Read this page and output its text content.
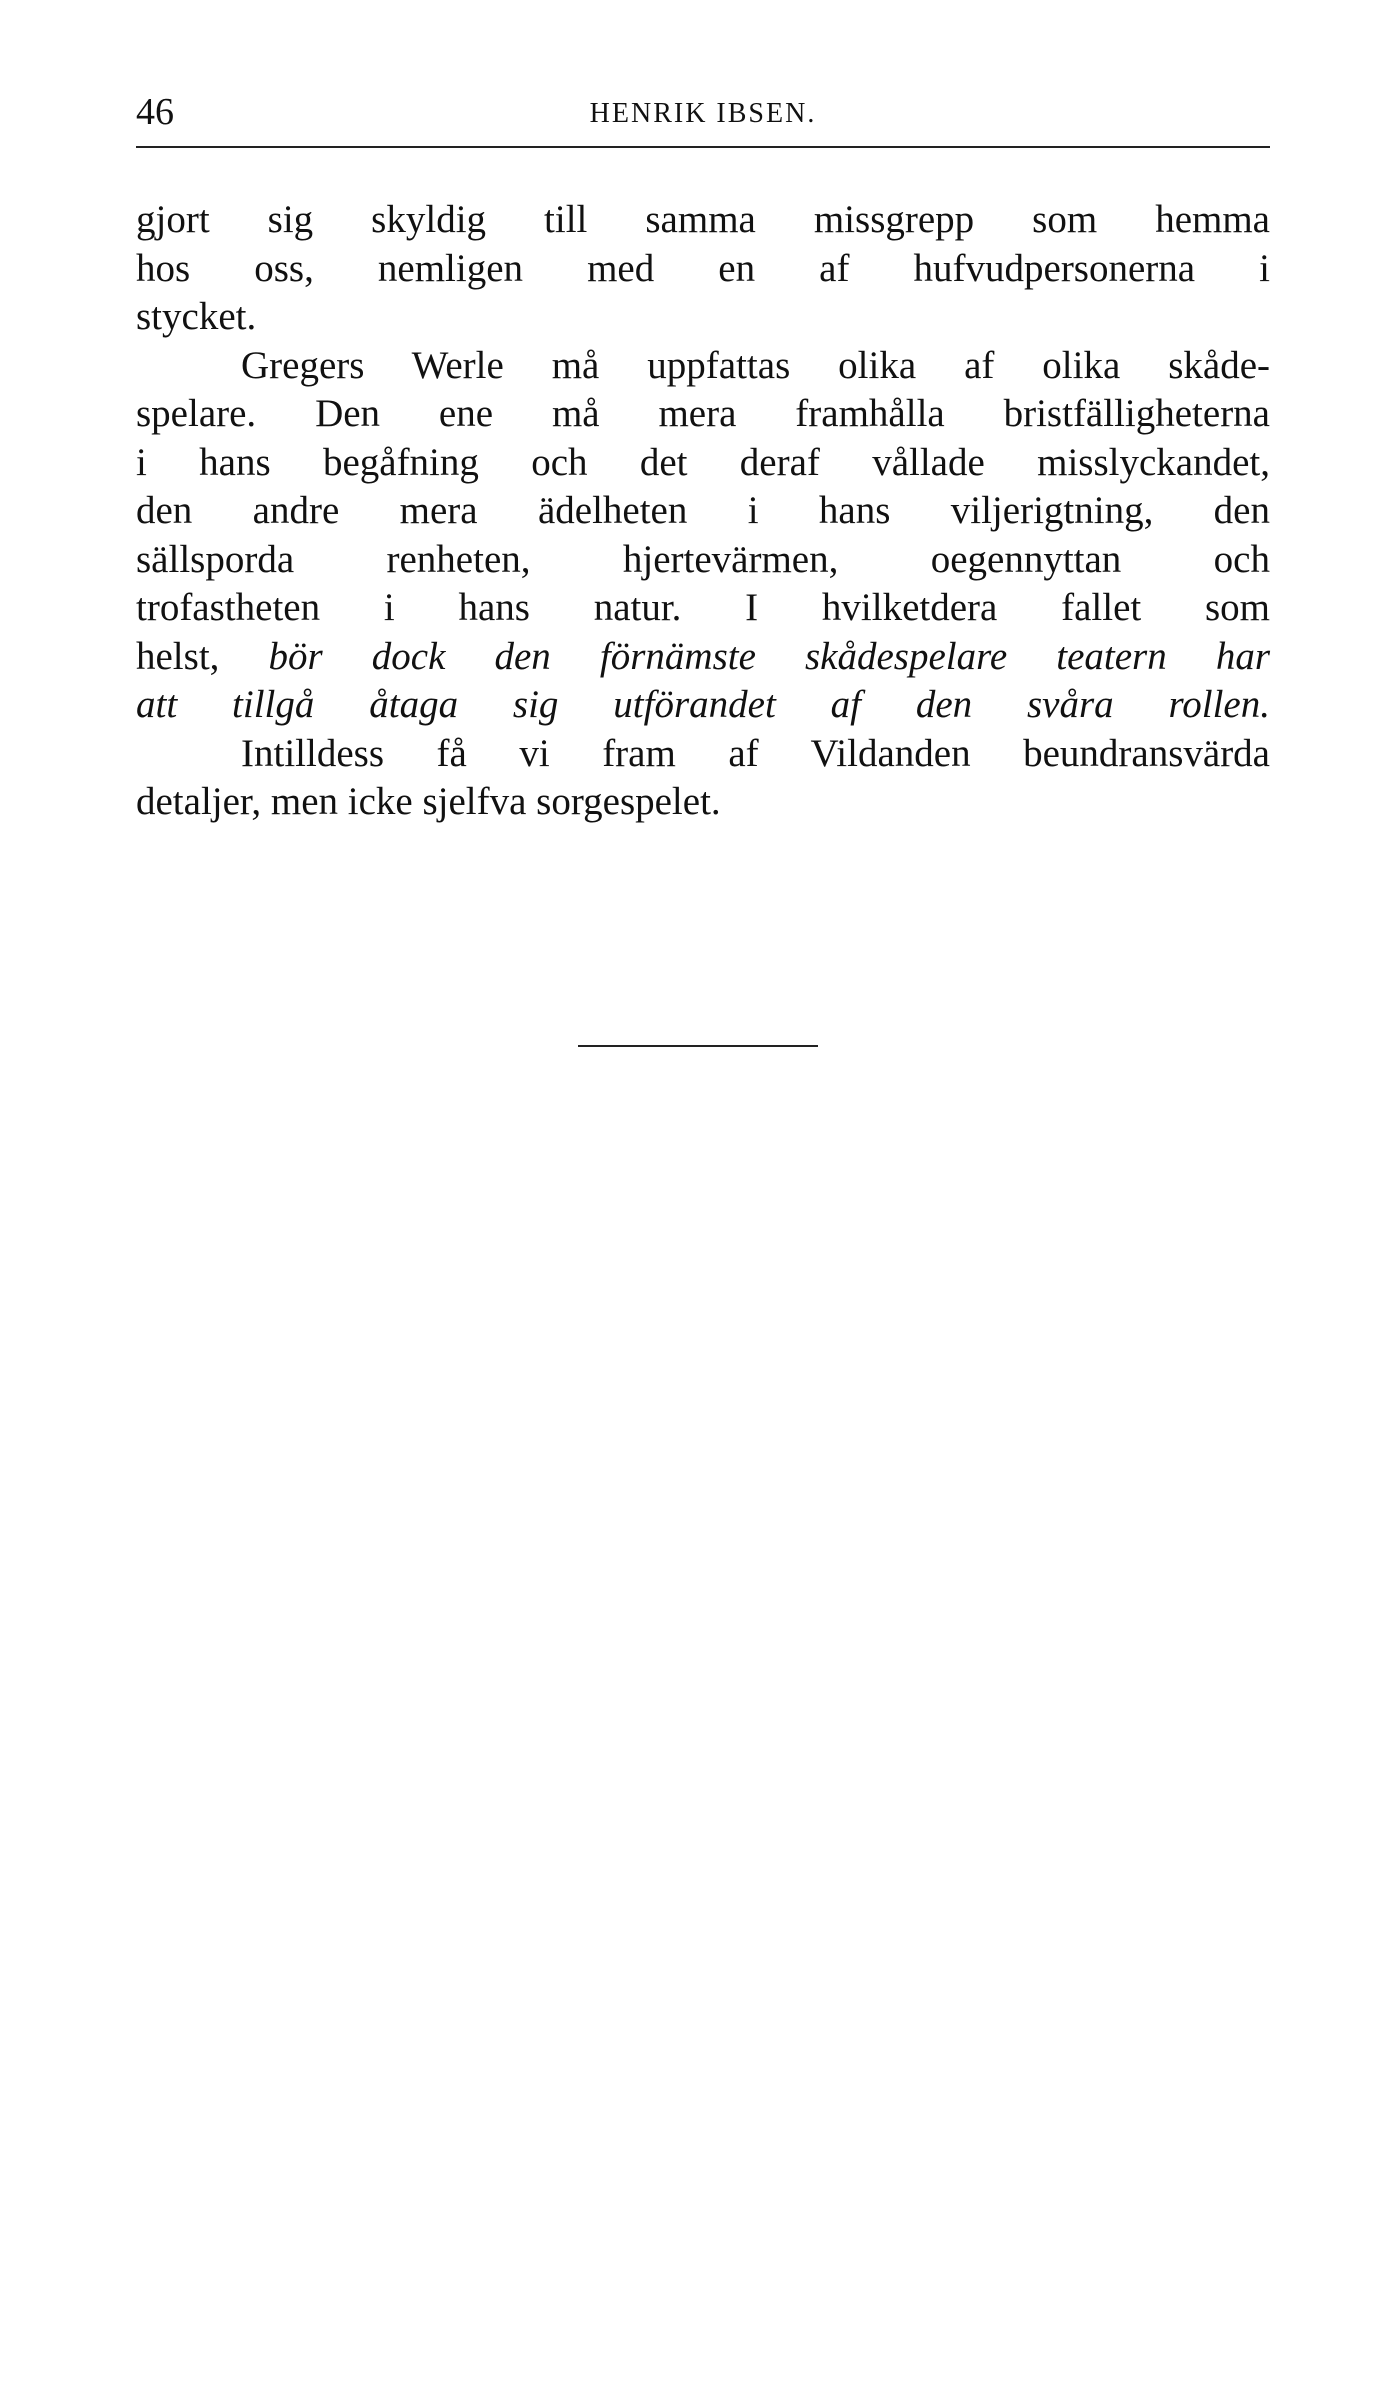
46	HENRIK IBSEN.
gjort sig skyldig till samma missgrepp som hemma
hos oss, nemligen med en af hufvudpersonerna i
stycket.
Gregers Werle må uppfattas olika af olika skåde-
spelare. Den ene må mera framhålla bristfälligheterna
i hans begåfning och det deraf vållade misslyckandet,
den andre mera ädelheten i hans viljerigtning, den
sällsporda renheten, hjertevärmen, oegennyttan och
trofastheten i hans natur. I hvilketdera fallet som
helst, bör dock den förnämste skådespelare teatern har
att tillgå åtaga sig utförandet af den svåra rollen.
Intilldess få vi fram af Vildanden beundransvärda
detaljer, men icke sjelfva sorgespelet.
